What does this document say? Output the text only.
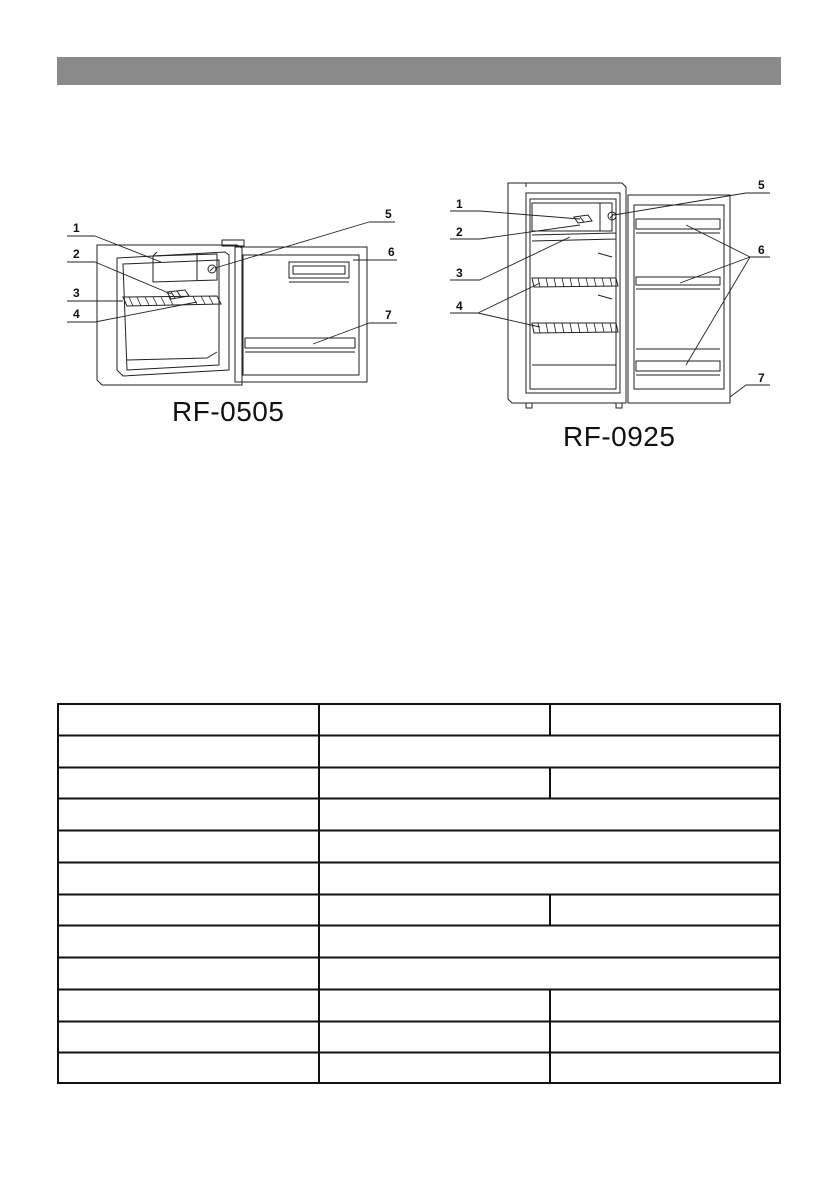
1
2
3
4
5
6
7
RF-0505
1
2
3
4
5
6
7
RF-0925
